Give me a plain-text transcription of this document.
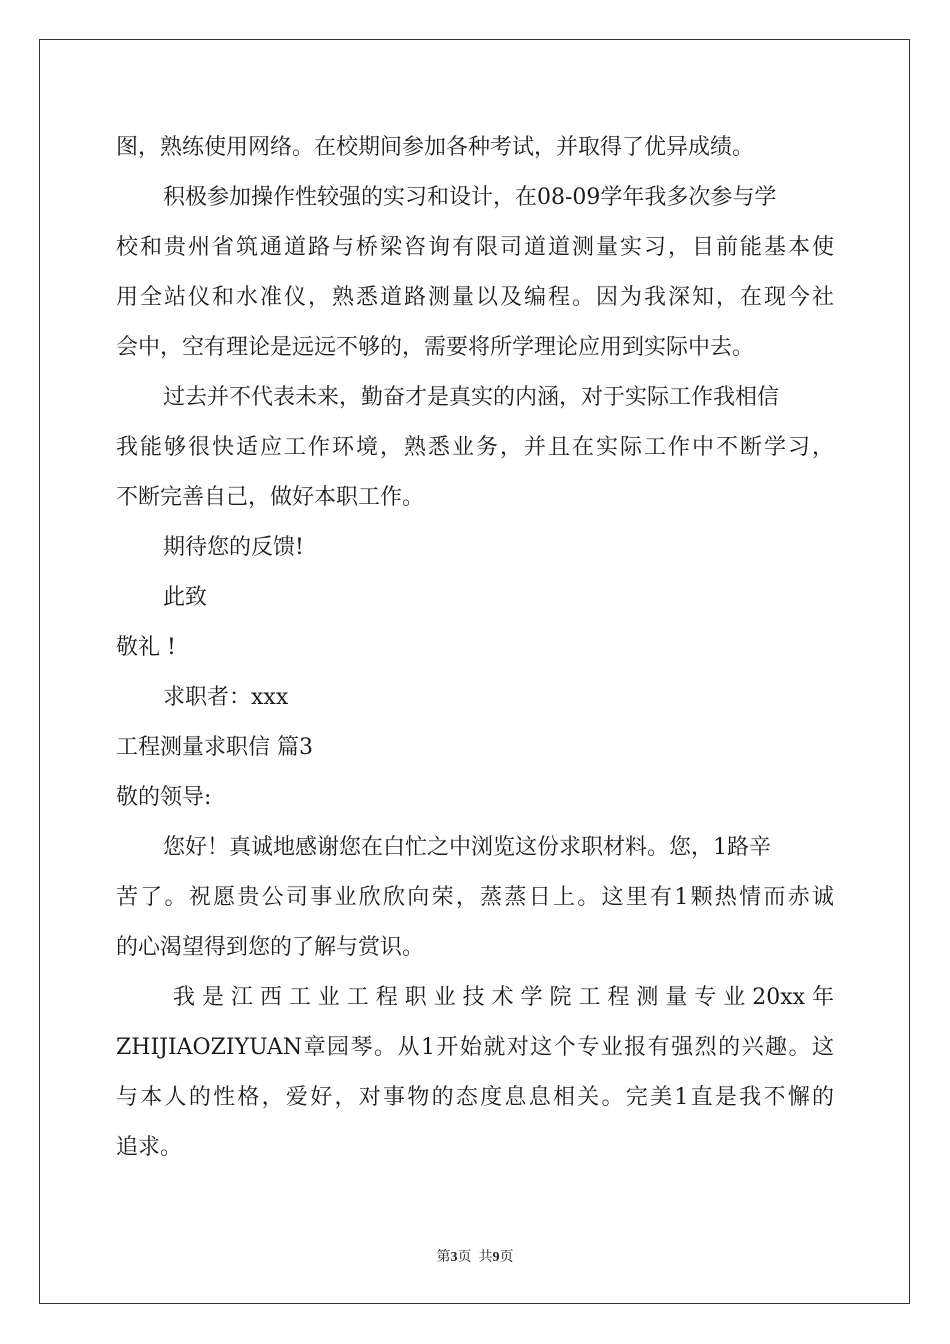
图，熟练使用网络。在校期间参加各种考试，并取得了优异成绩。
积极参加操作性较强的实习和设计，在08-09学年我多次参与学
校和贵州省筑通道路与桥梁咨询有限司道道测量实习，目前能基本使
用全站仪和水准仪，熟悉道路测量以及编程。因为我深知，在现今社
会中，空有理论是远远不够的，需要将所学理论应用到实际中去。
过去并不代表未来，勤奋才是真实的内涵，对于实际工作我相信
我能够很快适应工作环境，熟悉业务，并且在实际工作中不断学习，
不断完善自己，做好本职工作。
期待您的反馈!
此致
敬礼 !
求职者：xxx
工程测量求职信 篇3
敬的领导:
您好！真诚地感谢您在白忙之中浏览这份求职材料。您，1路辛
苦了。祝愿贵公司事业欣欣向荣，蒸蒸日上。这里有1颗热情而赤诚
的心渴望得到您的了解与赏识。
我是江西工业工程职业技术学院工程测量专业20xx年
ZHIJIAOZIYUAN章园琴。从1开始就对这个专业报有强烈的兴趣。这
与本人的性格，爱好，对事物的态度息息相关。完美1直是我不懈的
追求。
第3页  共9页
